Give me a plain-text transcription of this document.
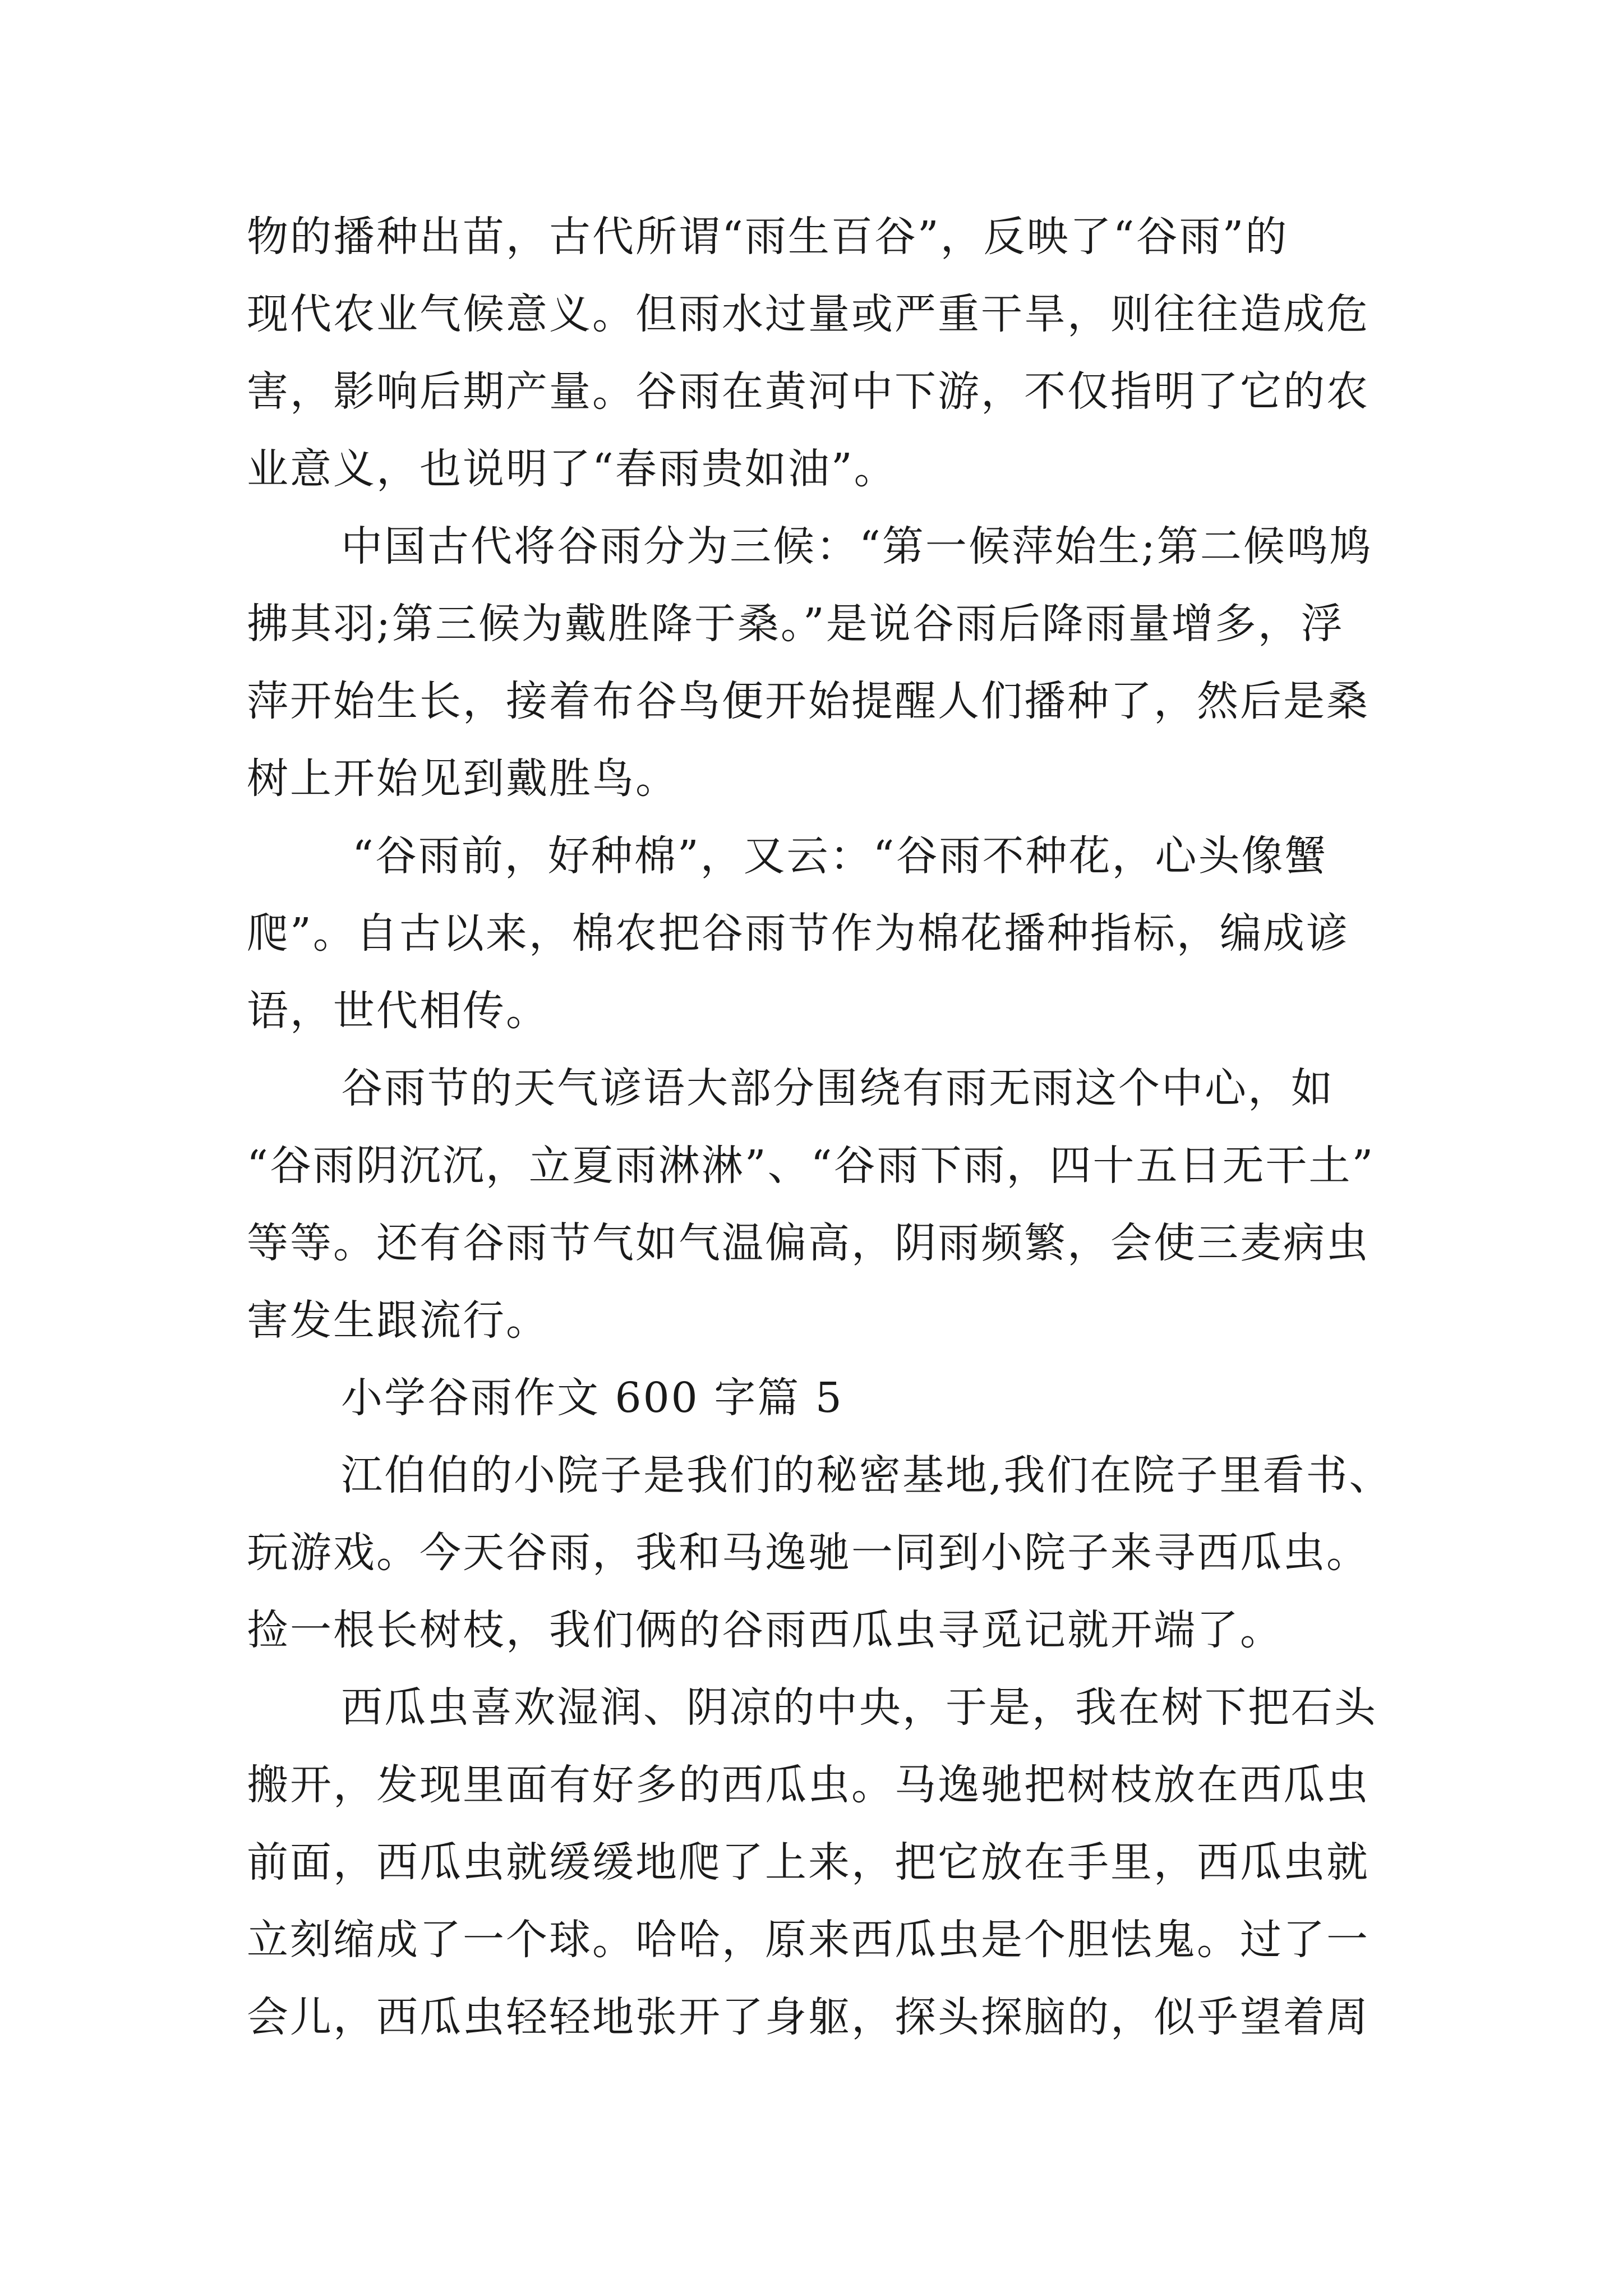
物的播种出苗，古代所谓“雨生百谷”，反映了“谷雨”的
现代农业气候意义。但雨水过量或严重干旱，则往往造成危
害，影响后期产量。谷雨在黄河中下游，不仅指明了它的农
业意义，也说明了“春雨贵如油”。
中国古代将谷雨分为三候：“第一候萍始生;第二候鸣鸠
拂其羽;第三候为戴胜降于桑。”是说谷雨后降雨量增多，浮
萍开始生长，接着布谷鸟便开始提醒人们播种了，然后是桑
树上开始见到戴胜鸟。
“谷雨前，好种棉”，又云：“谷雨不种花，心头像蟹
爬”。自古以来，棉农把谷雨节作为棉花播种指标，编成谚
语，世代相传。
谷雨节的天气谚语大部分围绕有雨无雨这个中心，如
“谷雨阴沉沉，立夏雨淋淋”、“谷雨下雨，四十五日无干土”
等等。还有谷雨节气如气温偏高，阴雨频繁，会使三麦病虫
害发生跟流行。
小学谷雨作文 600 字篇 5
江伯伯的小院子是我们的秘密基地,我们在院子里看书、
玩游戏。今天谷雨，我和马逸驰一同到小院子来寻西瓜虫。
捡一根长树枝，我们俩的谷雨西瓜虫寻觅记就开端了。
西瓜虫喜欢湿润、阴凉的中央，于是，我在树下把石头
搬开，发现里面有好多的西瓜虫。马逸驰把树枝放在西瓜虫
前面，西瓜虫就缓缓地爬了上来，把它放在手里，西瓜虫就
立刻缩成了一个球。哈哈，原来西瓜虫是个胆怯鬼。过了一
会儿，西瓜虫轻轻地张开了身躯，探头探脑的，似乎望着周
